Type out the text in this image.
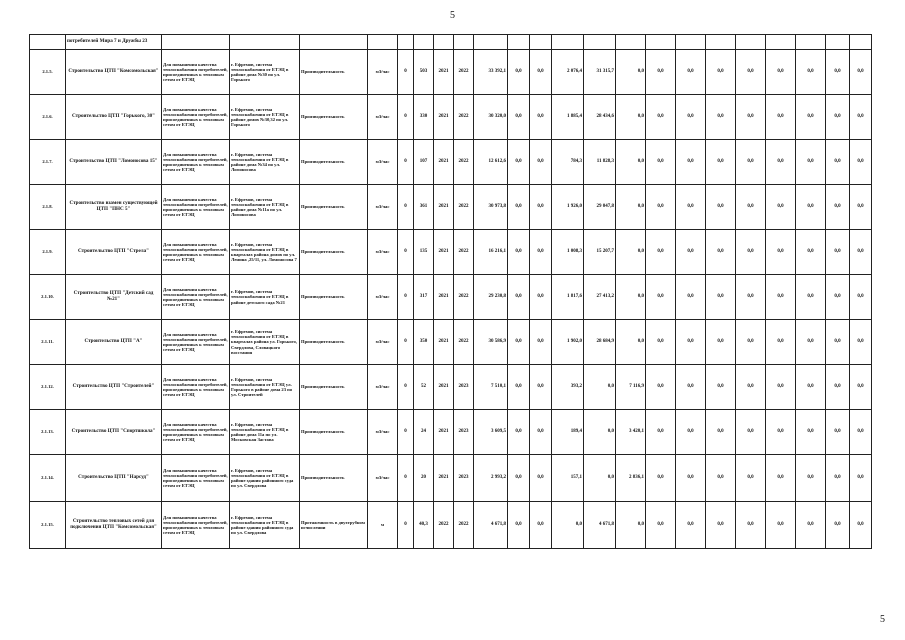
5
	потребителей Мира 7 и Дружбы 23																						
2.1.5.	Строительство ЦТП "Комсомольская"	Для повышения качества теплоснабжения потребителей, присоединенных к тепловым сетям от ЕТЭЦ	г. Ефремов, система теплоснабжения от ЕТЭЦ в районе дома №30 по ул. Горького	Производительность	мЗ/час	0	503	2021	2022	33 392,1	0,0	0,0	2 076,4	31 315,7	0,0	0,0	0,0	0,0	0,0	0,0	0,0	0,0	0,0
2.1.6.	Строительство ЦТП "Горького, 30"	Для повышения качества теплоснабжения потребителей, присоединенных к тепловым сетям от ЕТЭЦ	г. Ефремов, система теплоснабжения от ЕТЭЦ в районе домов №30,32 по ул. Горького	Производительность	мЗ/час	0	330	2021	2022	30 320,0	0,0	0,0	1 885,4	28 434,6	0,0	0,0	0,0	0,0	0,0	0,0	0,0	0,0	0,0
2.1.7.	Строительство ЦТП "Ломоносова 15"	Для повышения качества теплоснабжения потребителей, присоединенных к тепловым сетям от ЕТЭЦ	г. Ефремов, система теплоснабжения от ЕТЭЦ в районе дома №34 по ул. Ломоносова	Производительность	мЗ/час	0	107	2021	2022	12 612,6	0,0	0,0	784,3	11 828,3	0,0	0,0	0,0	0,0	0,0	0,0	0,0	0,0	0,0
2.1.8.	Строительство взамен существующей ЦТП "ПНС 5"	Для повышения качества теплоснабжения потребителей, присоединенных к тепловым сетям от ЕТЭЦ	г. Ефремов, система теплоснабжения от ЕТЭЦ в районе дома №11а по ул. Ломоносова	Производительность	мЗ/час	0	361	2021	2022	30 973,8	0,0	0,0	1 926,0	29 047,8	0,0	0,0	0,0	0,0	0,0	0,0	0,0	0,0	0,0
2.1.9.	Строительство ЦТП "Стрела"	Для повышения качества теплоснабжения потребителей, присоединенных к тепловым сетям от ЕТЭЦ	г. Ефремов, система теплоснабжения от ЕТЭЦ в кварталах района домов по ул. Ленина ,25/11, ул. Ломоносова 7	Производительность	мЗ/час	0	135	2021	2022	16 216,1	0,0	0,0	1 008,3	15 207,7	0,0	0,0	0,0	0,0	0,0	0,0	0,0	0,0	0,0
2.1.10.	Строительство ЦТП "Детский сад №21"	Для повышения качества теплоснабжения потребителей, присоединенных к тепловым сетям от ЕТЭЦ	г. Ефремов, система теплоснабжения от ЕТЭЦ в районе детского сада №21	Производительность	мЗ/час	0	317	2021	2022	29 230,8	0,0	0,0	1 817,6	27 413,2	0,0	0,0	0,0	0,0	0,0	0,0	0,0	0,0	0,0
2.1.11.	Строительство ЦТП "А"	Для повышения качества теплоснабжения потребителей, присоединенных к тепловым сетям от ЕТЭЦ	г. Ефремов, система теплоснабжения от ЕТЭЦ в кварталах района ул. Горького, Свердлова, Словацкого восстания	Производительность	мЗ/час	0	350	2021	2022	30 586,9	0,0	0,0	1 902,0	28 684,9	0,0	0,0	0,0	0,0	0,0	0,0	0,0	0,0	0,0
2.1.12.	Строительство ЦТП "Строителей"	Для повышения качества теплоснабжения потребителей, присоединенных к тепловым сетям от ЕТЭЦ	г. Ефремов, система теплоснабжения от ЕТЭЦ ул. Горького в районе дома 23 по ул. Строителей	Производительность	мЗ/час	0	52	2021	2023	7 510,1	0,0	0,0	393,2	0,0	7 116,9	0,0	0,0	0,0	0,0	0,0	0,0	0,0	0,0
2.1.13.	Строительство ЦТП "Спортшкола"	Для повышения качества теплоснабжения потребителей, присоединенных к тепловым сетям от ЕТЭЦ	г. Ефремов, система теплоснабжения от ЕТЭЦ в районе дома 11а по ул. Московская Застава	Производительность	мЗ/час	0	24	2021	2023	3 609,5	0,0	0,0	189,4	0,0	3 420,1	0,0	0,0	0,0	0,0	0,0	0,0	0,0	0,0
2.1.14.	Строительство ЦТП "Нарсуд"	Для повышения качества теплоснабжения потребителей, присоединенных к тепловым сетям от ЕТЭЦ	г. Ефремов, система теплоснабжения от ЕТЭЦ в районе здания районного суда по ул. Свердлова	Производительность	мЗ/час	0	20	2021	2023	2 993,2	0,0	0,0	157,1	0,0	2 836,1	0,0	0,0	0,0	0,0	0,0	0,0	0,0	0,0
2.1.15.	Строительство тепловых сетей для подключения ЦТП "Комсомольская"	Для повышения качества теплоснабжения потребителей, присоединенных к тепловым сетям от ЕТЭЦ	г. Ефремов, система теплоснабжения от ЕТЭЦ в районе здания районного суда по ул. Свердлова	Протяженность в двухтрубном исчислении	м	0	40,3	2022	2022	4 671,8	0,0	0,0	0,0	4 671,8	0,0	0,0	0,0	0,0	0,0	0,0	0,0	0,0	0,0
5
